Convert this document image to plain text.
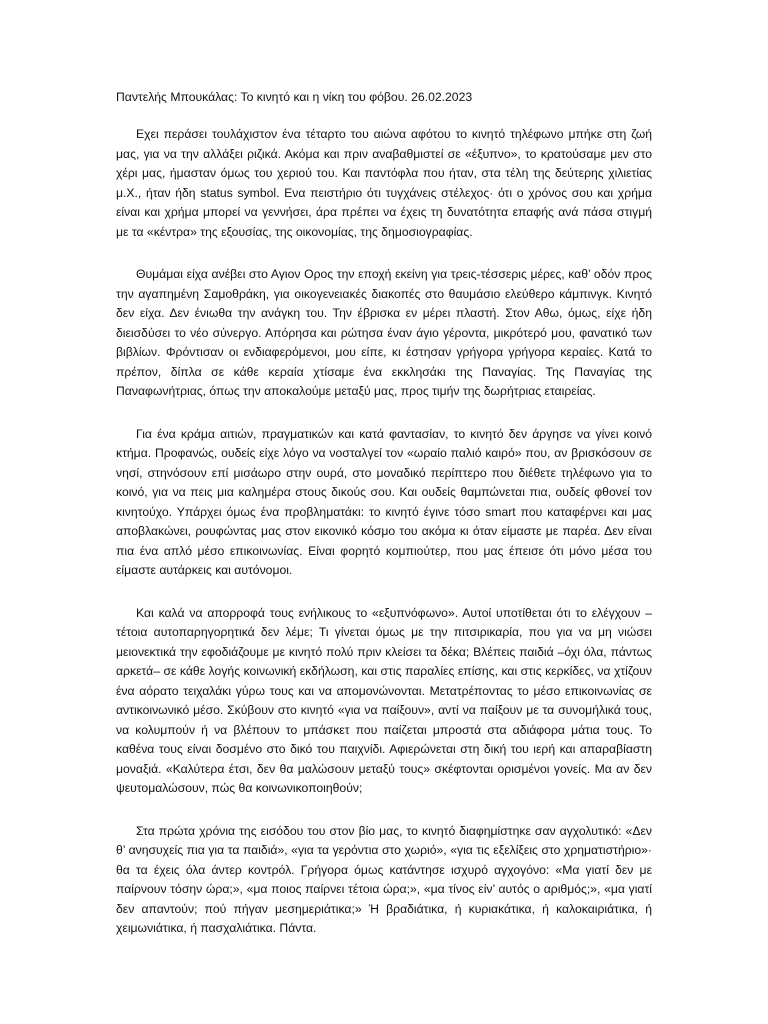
Παντελής Μπουκάλας: Το κινητό και η νίκη του φόβου. 26.02.2023

Εχει περάσει τουλάχιστον ένα τέταρτο του αιώνα αφότου το κινητό τηλέφωνο μπήκε στη ζωή μας, για να την αλλάξει ριζικά. Ακόμα και πριν αναβαθμιστεί σε «έξυπνο», το κρατούσαμε μεν στο χέρι μας, ήμασταν όμως του χεριού του. Και παντόφλα που ήταν, στα τέλη της δεύτερης χιλιετίας μ.Χ., ήταν ήδη status symbol. Ενα πειστήριο ότι τυγχάνεις στέλεχος· ότι ο χρόνος σου και χρήμα είναι και χρήμα μπορεί να γεννήσει, άρα πρέπει να έχεις τη δυνατότητα επαφής ανά πάσα στιγμή με τα «κέντρα» της εξουσίας, της οικονομίας, της δημοσιογραφίας.

Θυμάμαι είχα ανέβει στο Αγιον Ορος την εποχή εκείνη για τρεις-τέσσερις μέρες, καθ’ οδόν προς την αγαπημένη Σαμοθράκη, για οικογενειακές διακοπές στο θαυμάσιο ελεύθερο κάμπινγκ. Κινητό δεν είχα. Δεν ένιωθα την ανάγκη του. Την έβρισκα εν μέρει πλαστή. Στον Αθω, όμως, είχε ήδη διεισδύσει το νέο σύνεργο. Απόρησα και ρώτησα έναν άγιο γέροντα, μικρότερό μου, φανατικό των βιβλίων. Φρόντισαν οι ενδιαφερόμενοι, μου είπε, κι έστησαν γρήγορα γρήγορα κεραίες. Κατά το πρέπον, δίπλα σε κάθε κεραία χτίσαμε ένα εκκλησάκι της Παναγίας. Της Παναγίας της Παναφωνήτριας, όπως την αποκαλούμε μεταξύ μας, προς τιμήν της δωρήτριας εταιρείας.

Για ένα κράμα αιτιών, πραγματικών και κατά φαντασίαν, το κινητό δεν άργησε να γίνει κοινό κτήμα. Προφανώς, ουδείς είχε λόγο να νοσταλγεί τον «ωραίο παλιό καιρό» που, αν βρισκόσουν σε νησί, στηνόσουν επί μισάωρο στην ουρά, στο μοναδικό περίπτερο που διέθετε τηλέφωνο για το κοινό, για να πεις μια καλημέρα στους δικούς σου. Και ουδείς θαμπώνεται πια, ουδείς φθονεί τον κινητούχο. Υπάρχει όμως ένα προβληματάκι: το κινητό έγινε τόσο smart που καταφέρνει και μας αποβλακώνει, ρουφώντας μας στον εικονικό κόσμο του ακόμα κι όταν είμαστε με παρέα. Δεν είναι πια ένα απλό μέσο επικοινωνίας. Είναι φορητό κομπιούτερ, που μας έπεισε ότι μόνο μέσα του είμαστε αυτάρκεις και αυτόνομοι.

Και καλά να απορροφά τους ενήλικους το «εξυπνόφωνο». Αυτοί υποτίθεται ότι το ελέγχουν – τέτοια αυτοπαρηγορητικά δεν λέμε; Τι γίνεται όμως με την πιτσιρικαρία, που για να μη νιώσει μειονεκτικά την εφοδιάζουμε με κινητό πολύ πριν κλείσει τα δέκα; Βλέπεις παιδιά –όχι όλα, πάντως αρκετά– σε κάθε λογής κοινωνική εκδήλωση, και στις παραλίες επίσης, και στις κερκίδες, να χτίζουν ένα αόρατο τειχαλάκι γύρω τους και να απομονώνονται. Μετατρέποντας το μέσο επικοινωνίας σε αντικοινωνικό μέσο. Σκύβουν στο κινητό «για να παίξουν», αντί να παίξουν με τα συνομήλικά τους, να κολυμπούν ή να βλέπουν το μπάσκετ που παίζεται μπροστά στα αδιάφορα μάτια τους. Το καθένα τους είναι δοσμένο στο δικό του παιχνίδι. Αφιερώνεται στη δική του ιερή και απαραβίαστη μοναξιά. «Καλύτερα έτσι, δεν θα μαλώσουν μεταξύ τους» σκέφτονται ορισμένοι γονείς. Μα αν δεν ψευτομαλώσουν, πώς θα κοινωνικοποιηθούν;

Στα πρώτα χρόνια της εισόδου του στον βίο μας, το κινητό διαφημίστηκε σαν αγχολυτικό: «Δεν θ’ ανησυχείς πια για τα παιδιά», «για τα γερόντια στο χωριό», «για τις εξελίξεις στο χρηματιστήριο»· θα τα έχεις όλα άντερ κοντρόλ. Γρήγορα όμως κατάντησε ισχυρό αγχογόνο: «Μα γιατί δεν με παίρνουν τόσην ώρα;», «μα ποιος παίρνει τέτοια ώρα;», «μα τίνος είν’ αυτός ο αριθμός;», «μα γιατί δεν απαντούν; πού πήγαν μεσημεριάτικα;» Ή βραδιάτικα, ή κυριακάτικα, ή καλοκαιριάτικα, ή χειμωνιάτικα, ή πασχαλιάτικα. Πάντα.
